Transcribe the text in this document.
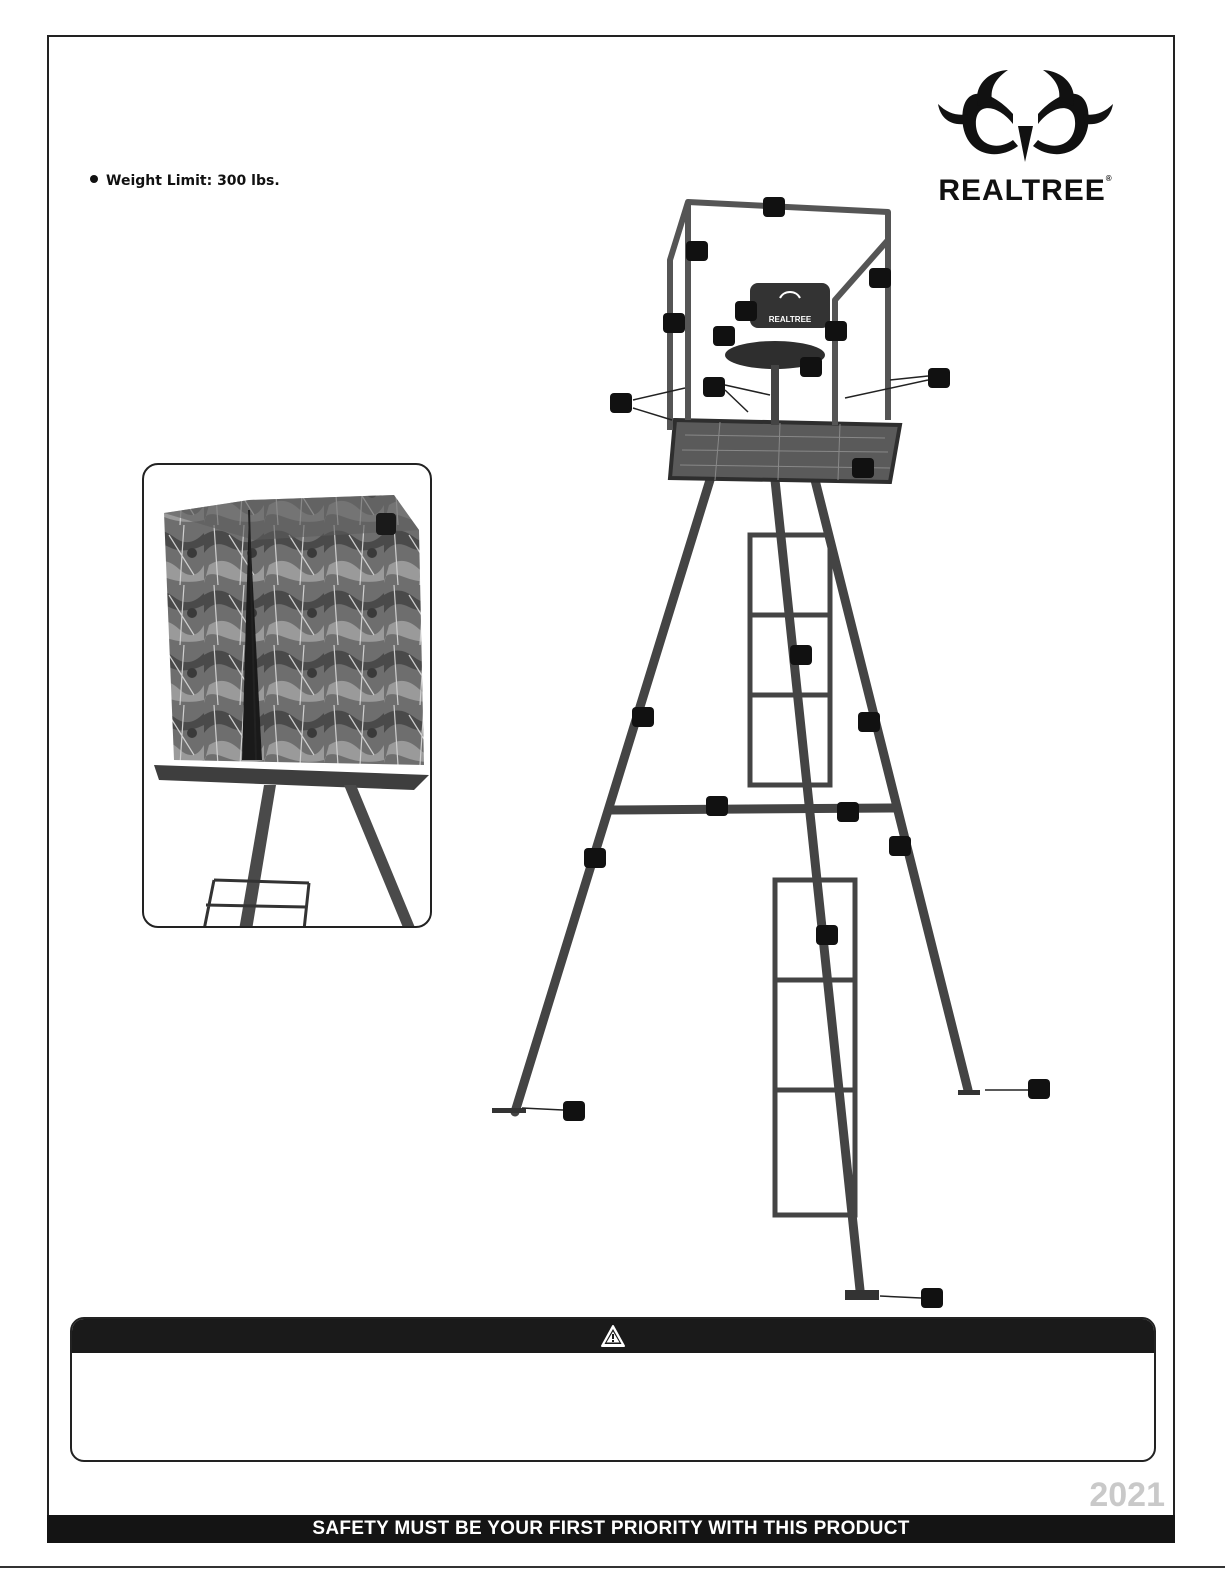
REALTREE®
Weight Limit: 300 lbs.
REALTREE
2021
SAFETY MUST BE YOUR FIRST PRIORITY WITH THIS PRODUCT
